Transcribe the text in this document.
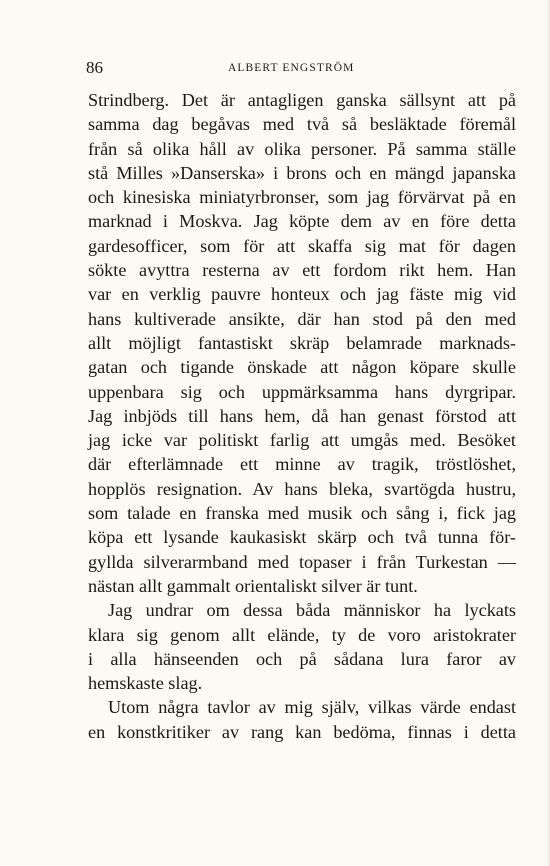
86	ALBERT ENGSTRÖM
Strindberg. Det är antagligen ganska sällsynt att på
samma dag begåvas med två så besläktade föremål
från så olika håll av olika personer. På samma ställe
stå Milles »Danserska» i brons och en mängd japanska
och kinesiska miniatyrbronser, som jag förvärvat på en
marknad i Moskva. Jag köpte dem av en före detta
gardesofficer, som för att skaffa sig mat för dagen
sökte avyttra resterna av ett fordom rikt hem. Han
var en verklig pauvre honteux och jag fäste mig vid
hans kultiverade ansikte, där han stod på den med
allt möjligt fantastiskt skräp belamrade marknads-
gatan och tigande önskade att någon köpare skulle
uppenbara sig och uppmärksamma hans dyrgripar.
Jag inbjöds till hans hem, då han genast förstod att
jag icke var politiskt farlig att umgås med. Besöket
där efterlämnade ett minne av tragik, tröstlöshet,
hopplös resignation. Av hans bleka, svartögda hustru,
som talade en franska med musik och sång i, fick jag
köpa ett lysande kaukasiskt skärp och två tunna för-
gyllda silverarmband med topaser i från Turkestan —
nästan allt gammalt orientaliskt silver är tunt.
Jag undrar om dessa båda människor ha lyckats
klara sig genom allt elände, ty de voro aristokrater
i alla hänseenden och på sådana lura faror av
hemskaste slag.
Utom några tavlor av mig själv, vilkas värde endast
en konstkritiker av rang kan bedöma, finnas i detta
